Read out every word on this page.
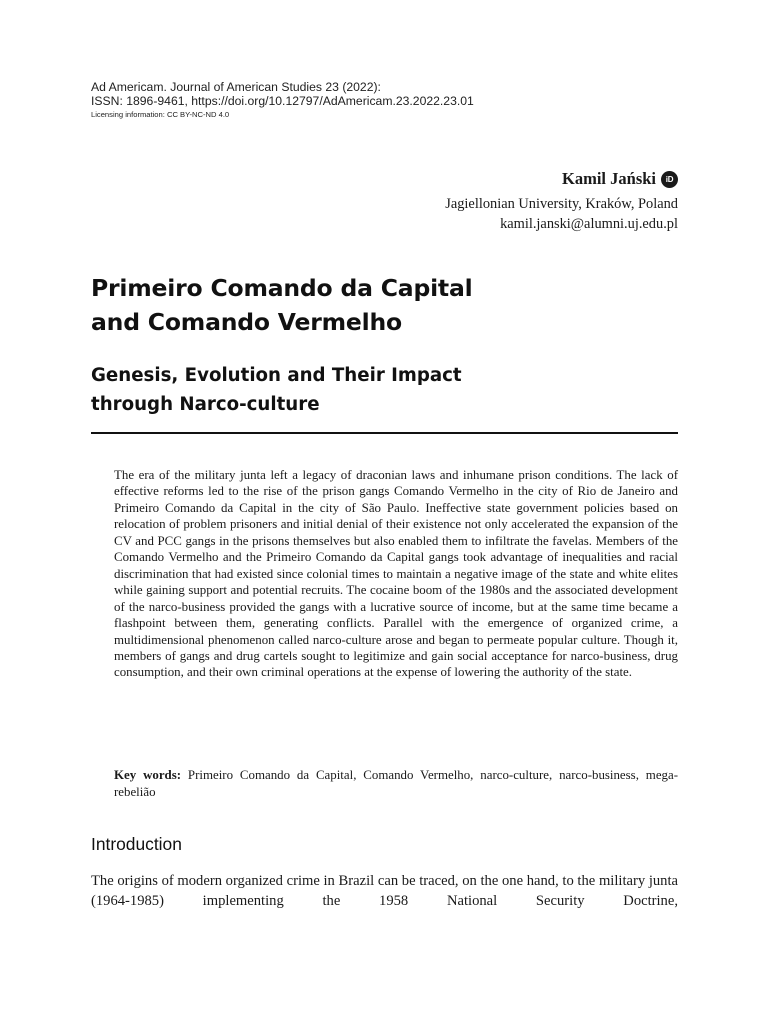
Ad Americam. Journal of American Studies 23 (2022):
ISSN: 1896-9461, https://doi.org/10.12797/AdAmericam.23.2022.23.01
Licensing information: CC BY-NC-ND 4.0
Kamil Jański	iD
Jagiellonian University, Kraków, Poland
kamil.janski@alumni.uj.edu.pl
Primeiro Comando da Capital
and Comando Vermelho
Genesis, Evolution and Their Impact
through Narco-culture
The era of the military junta left a legacy of draconian laws and inhumane prison conditions. The lack of effective reforms led to the rise of the prison gangs Comando Vermelho in the city of Rio de Janeiro and Primeiro Comando da Capital in the city of São Paulo. Ineffective state government policies based on relocation of problem prisoners and initial denial of their existence not only accelerated the expansion of the CV and PCC gangs in the prisons themselves but also enabled them to infiltrate the favelas. Members of the Comando Vermelho and the Primeiro Comando da Capital gangs took advantage of inequalities and racial discrimination that had existed since colonial times to maintain a negative image of the state and white elites while gaining support and potential recruits. The cocaine boom of the 1980s and the associated development of the narco-business provided the gangs with a lucrative source of income, but at the same time became a flashpoint between them, generating conflicts. Parallel with the emergence of organized crime, a multidimensional phenomenon called narco-culture arose and began to permeate popular culture. Though it, members of gangs and drug cartels sought to legitimize and gain social acceptance for narco-business, drug consumption, and their own criminal operations at the expense of lowering the authority of the state.
Key words: Primeiro Comando da Capital, Comando Vermelho, narco-culture, narco-business, mega-rebelião
Introduction
The origins of modern organized crime in Brazil can be traced, on the one hand, to the military junta (1964-1985) implementing the 1958 National Security Doctrine,
